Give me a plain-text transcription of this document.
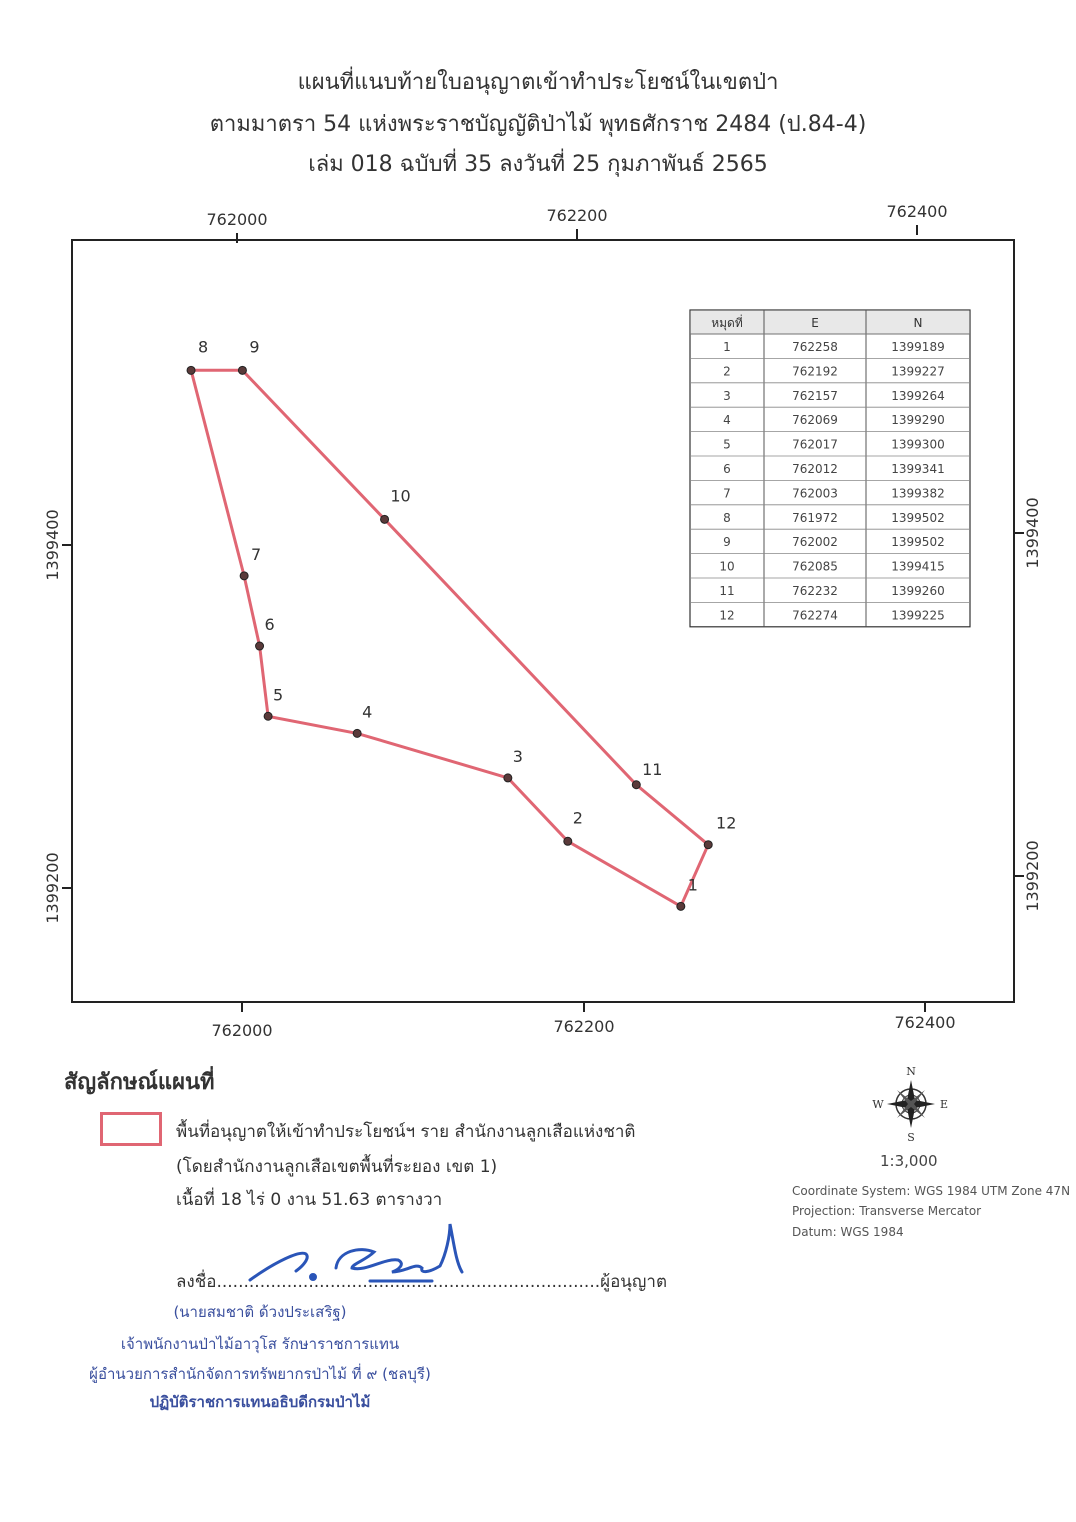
แผนที่แนบท้ายใบอนุญาตเข้าทำประโยชน์ในเขตป่า
ตามมาตรา 54 แห่งพระราชบัญญัติป่าไม้ พุทธศักราช 2484 (ป.84-4)
เล่ม 018 ฉบับที่ 35 ลงวันที่ 25 กุมภาพันธ์ 2565
762000	762200	762400
762000	762200	762400
1399400
1399200
1399400
1399200
1
2
3
4
5
6
7
8	9
10
11
12
หมุดที่	E	N
1	762258	1399189
2	762192	1399227
3	762157	1399264
4	762069	1399290
5	762017	1399300
6	762012	1399341
7	762003	1399382
8	761972	1399502
9	762002	1399502
10	762085	1399415
11	762232	1399260
12	762274	1399225
N
S
E
W
สัญลักษณ์แผนที่
พื้นที่อนุญาตให้เข้าทำประโยชน์ฯ ราย สำนักงานลูกเสือแห่งชาติ
(โดยสำนักงานลูกเสือเขตพื้นที่ระยอง เขต 1)
เนื้อที่ 18 ไร่ 0 งาน 51.63 ตารางวา
1:3,000
Coordinate System: WGS 1984 UTM Zone 47N
Projection: Transverse Mercator
Datum: WGS 1984
ลงชื่อ.......................................................................ผู้อนุญาต
(นายสมชาติ ด้วงประเสริฐ)
เจ้าพนักงานป่าไม้อาวุโส รักษาราชการแทน
ผู้อำนวยการสำนักจัดการทรัพยากรป่าไม้ ที่ ๙ (ชลบุรี)
ปฏิบัติราชการแทนอธิบดีกรมป่าไม้
